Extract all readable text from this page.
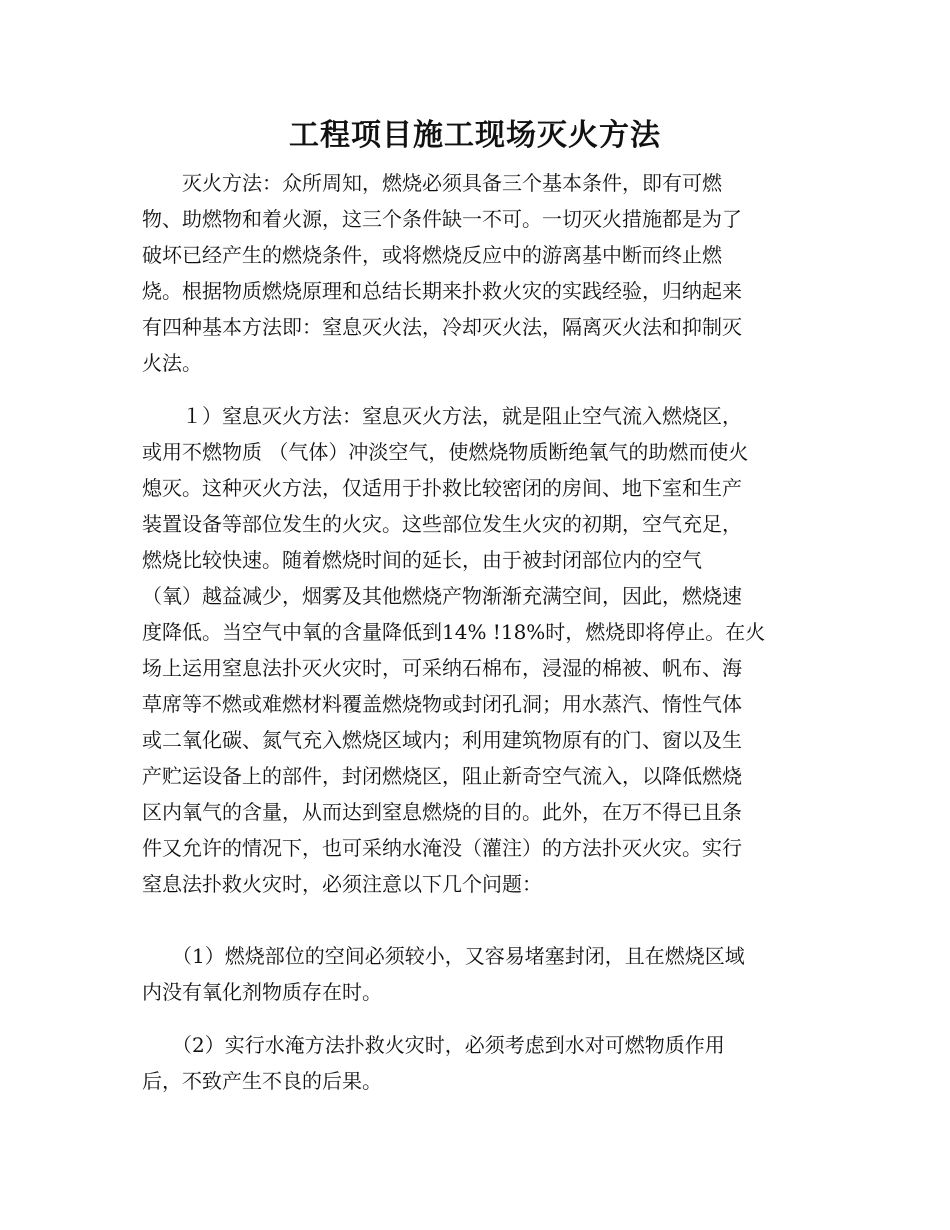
工程项目施工现场灭火方法
　　灭火方法：众所周知，燃烧必须具备三个基本条件，即有可燃
物、助燃物和着火源，这三个条件缺一不可。一切灭火措施都是为了
破坏已经产生的燃烧条件，或将燃烧反应中的游离基中断而终止燃
烧。根据物质燃烧原理和总结长期来扑救火灾的实践经验，归纳起来
有四种基本方法即：窒息灭火法，冷却灭火法，隔离灭火法和抑制灭
火法。
　　１）窒息灭火方法：窒息灭火方法，就是阻止空气流入燃烧区，
或用不燃物质 （气体）冲淡空气，使燃烧物质断绝氧气的助燃而使火
熄灭。这种灭火方法，仅适用于扑救比较密闭的房间、地下室和生产
装置设备等部位发生的火灾。这些部位发生火灾的初期，空气充足，
燃烧比较快速。随着燃烧时间的延长，由于被封闭部位内的空气
（氧）越益减少，烟雾及其他燃烧产物渐渐充满空间，因此，燃烧速
度降低。当空气中氧的含量降低到14% !18%时，燃烧即将停止。在火
场上运用窒息法扑灭火灾时，可采纳石棉布，浸湿的棉被、帆布、海
草席等不燃或难燃材料覆盖燃烧物或封闭孔洞；用水蒸汽、惰性气体
或二氧化碳、氮气充入燃烧区域内；利用建筑物原有的门、窗以及生
产贮运设备上的部件，封闭燃烧区，阻止新奇空气流入，以降低燃烧
区内氧气的含量，从而达到窒息燃烧的目的。此外，在万不得已且条
件又允许的情况下，也可采纳水淹没（灌注）的方法扑灭火灾。实行
窒息法扑救火灾时，必须注意以下几个问题：
　　（1）燃烧部位的空间必须较小，又容易堵塞封闭，且在燃烧区域
内没有氧化剂物质存在时。
　　（2）实行水淹方法扑救火灾时，必须考虑到水对可燃物质作用
后，不致产生不良的后果。
